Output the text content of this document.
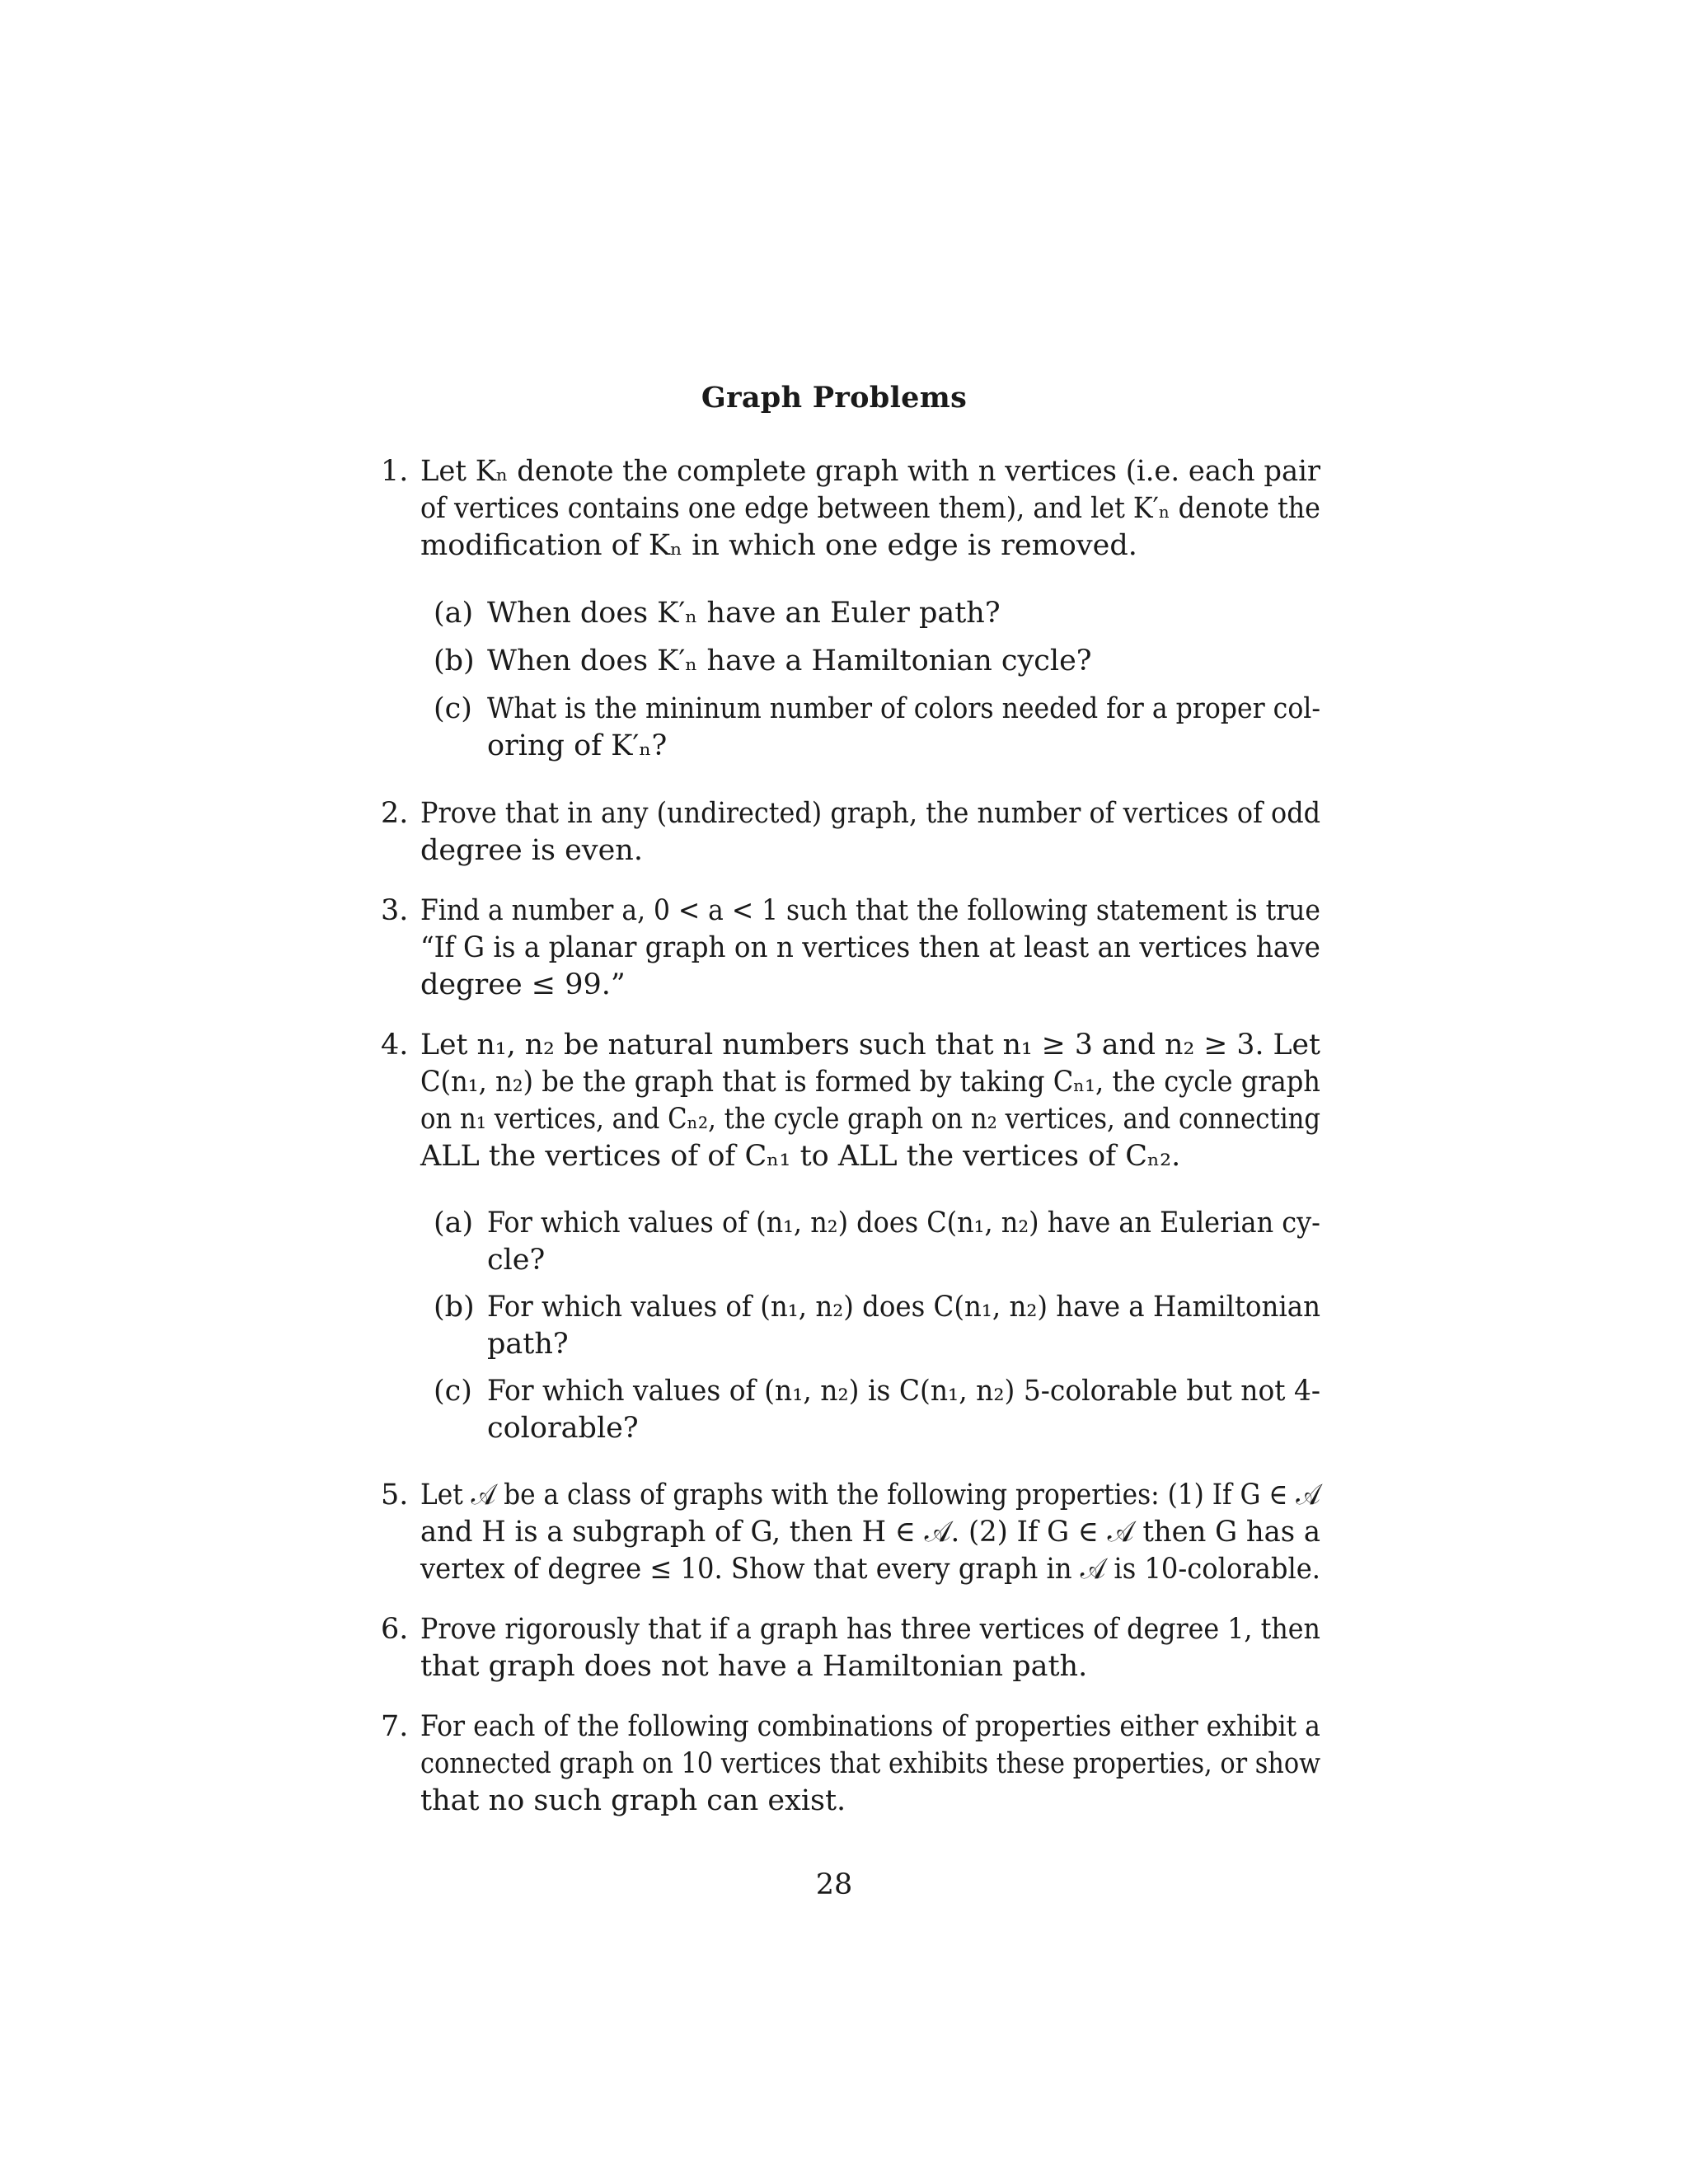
Graph Problems
1. Let Kₙ denote the complete graph with n vertices (i.e. each pair
of vertices contains one edge between them), and let K′ₙ denote the
modification of Kₙ in which one edge is removed.
(a) When does K′ₙ have an Euler path?
(b) When does K′ₙ have a Hamiltonian cycle?
(c) What is the mininum number of colors needed for a proper col-
oring of K′ₙ?
2. Prove that in any (undirected) graph, the number of vertices of odd
degree is even.
3. Find a number a, 0 < a < 1 such that the following statement is true
“If G is a planar graph on n vertices then at least an vertices have
degree ≤ 99.”
4. Let n₁, n₂ be natural numbers such that n₁ ≥ 3 and n₂ ≥ 3. Let
C(n₁, n₂) be the graph that is formed by taking Cₙ₁, the cycle graph
on n₁ vertices, and Cₙ₂, the cycle graph on n₂ vertices, and connecting
ALL the vertices of of Cₙ₁ to ALL the vertices of Cₙ₂.
(a) For which values of (n₁, n₂) does C(n₁, n₂) have an Eulerian cy-
cle?
(b) For which values of (n₁, n₂) does C(n₁, n₂) have a Hamiltonian
path?
(c) For which values of (n₁, n₂) is C(n₁, n₂) 5-colorable but not 4-
colorable?
5. Let 𝒜 be a class of graphs with the following properties: (1) If G ∈ 𝒜
and H is a subgraph of G, then H ∈ 𝒜. (2) If G ∈ 𝒜 then G has a
vertex of degree ≤ 10. Show that every graph in 𝒜 is 10-colorable.
6. Prove rigorously that if a graph has three vertices of degree 1, then
that graph does not have a Hamiltonian path.
7. For each of the following combinations of properties either exhibit a
connected graph on 10 vertices that exhibits these properties, or show
that no such graph can exist.
28
